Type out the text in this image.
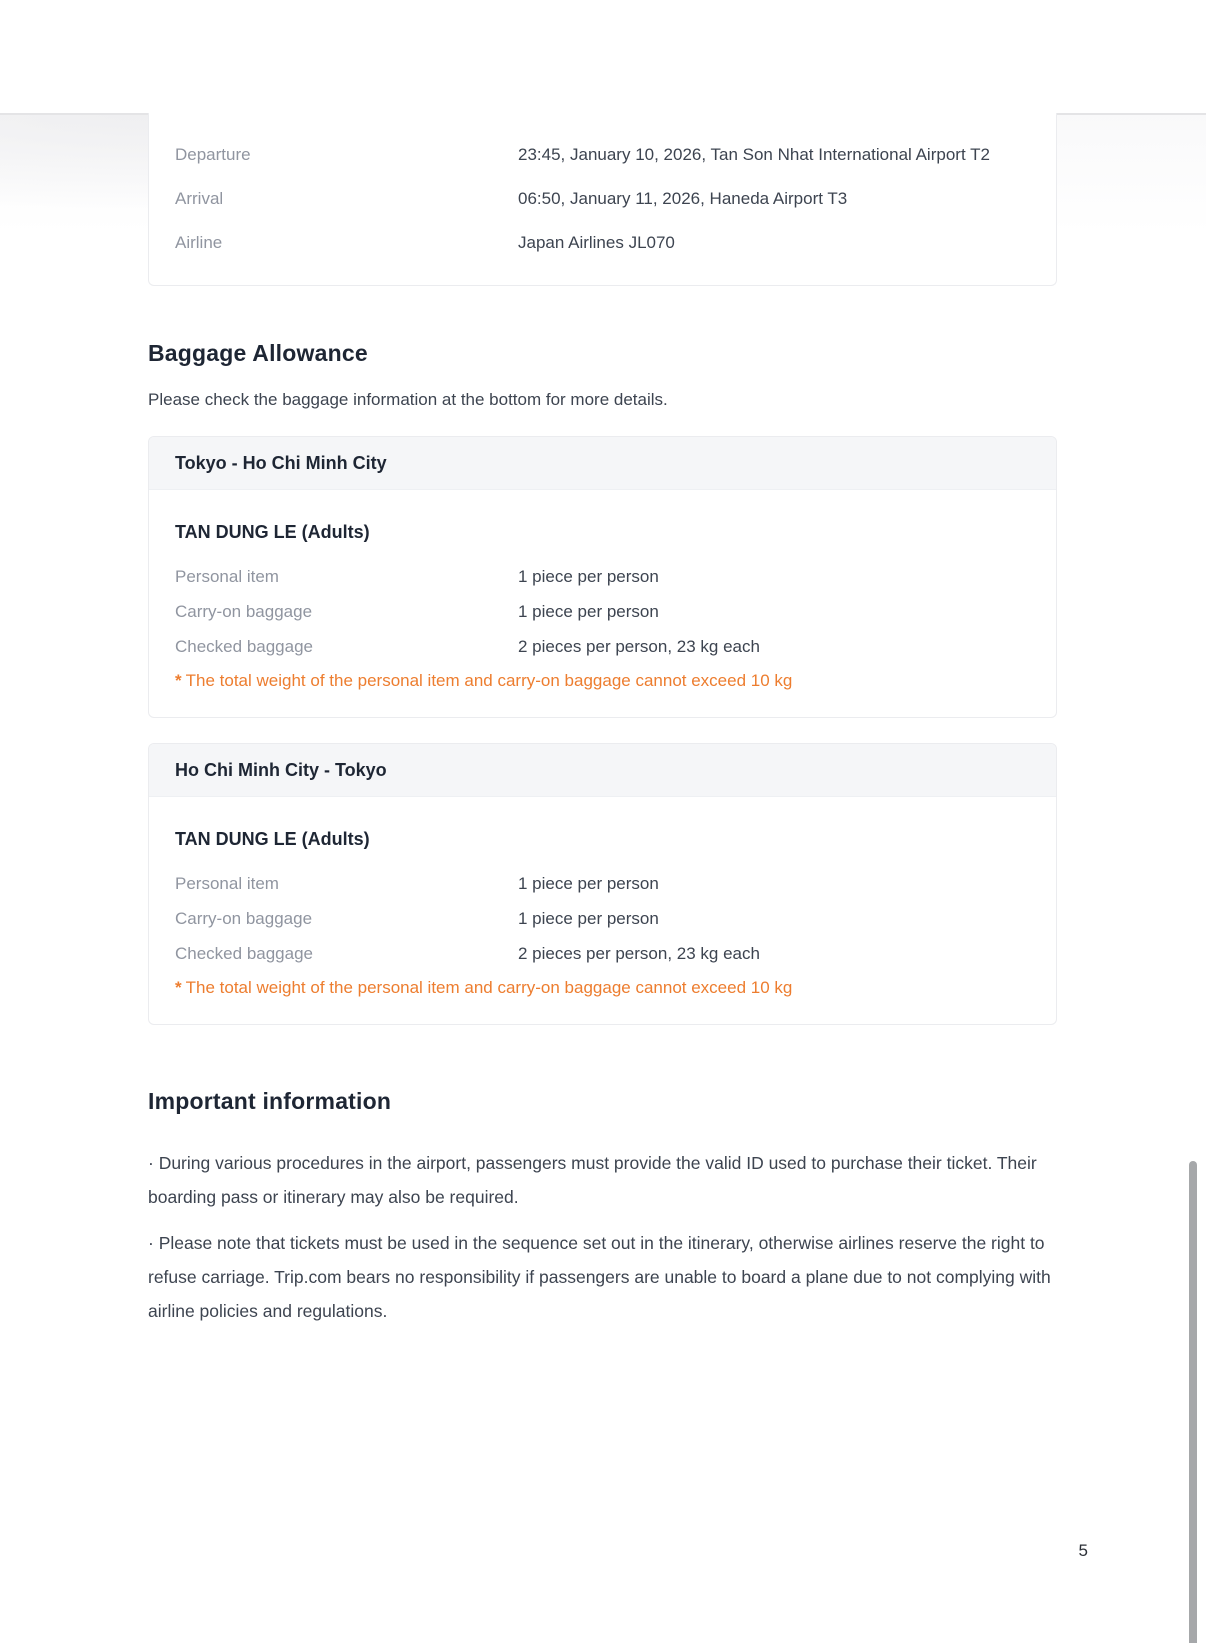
Departure	23:45, January 10, 2026, Tan Son Nhat International Airport T2
Arrival	06:50, January 11, 2026, Haneda Airport T3
Airline	Japan Airlines JL070
Baggage Allowance

Please check the baggage information at the bottom for more details.

Tokyo - Ho Chi Minh City
TAN DUNG LE (Adults)
Personal item	1 piece per person
Carry-on baggage	1 piece per person
Checked baggage	2 pieces per person, 23 kg each

* The total weight of the personal item and carry-on baggage cannot exceed 10 kg

Ho Chi Minh City - Tokyo
TAN DUNG LE (Adults)
Personal item	1 piece per person
Carry-on baggage	1 piece per person
Checked baggage	2 pieces per person, 23 kg each

* The total weight of the personal item and carry-on baggage cannot exceed 10 kg

Important information

· During various procedures in the airport, passengers must provide the valid ID used to purchase their ticket. Their boarding pass or itinerary may also be required.

· Please note that tickets must be used in the sequence set out in the itinerary, otherwise airlines reserve the right to refuse carriage. Trip.com bears no responsibility if passengers are unable to board a plane due to not complying with airline policies and regulations.

5
